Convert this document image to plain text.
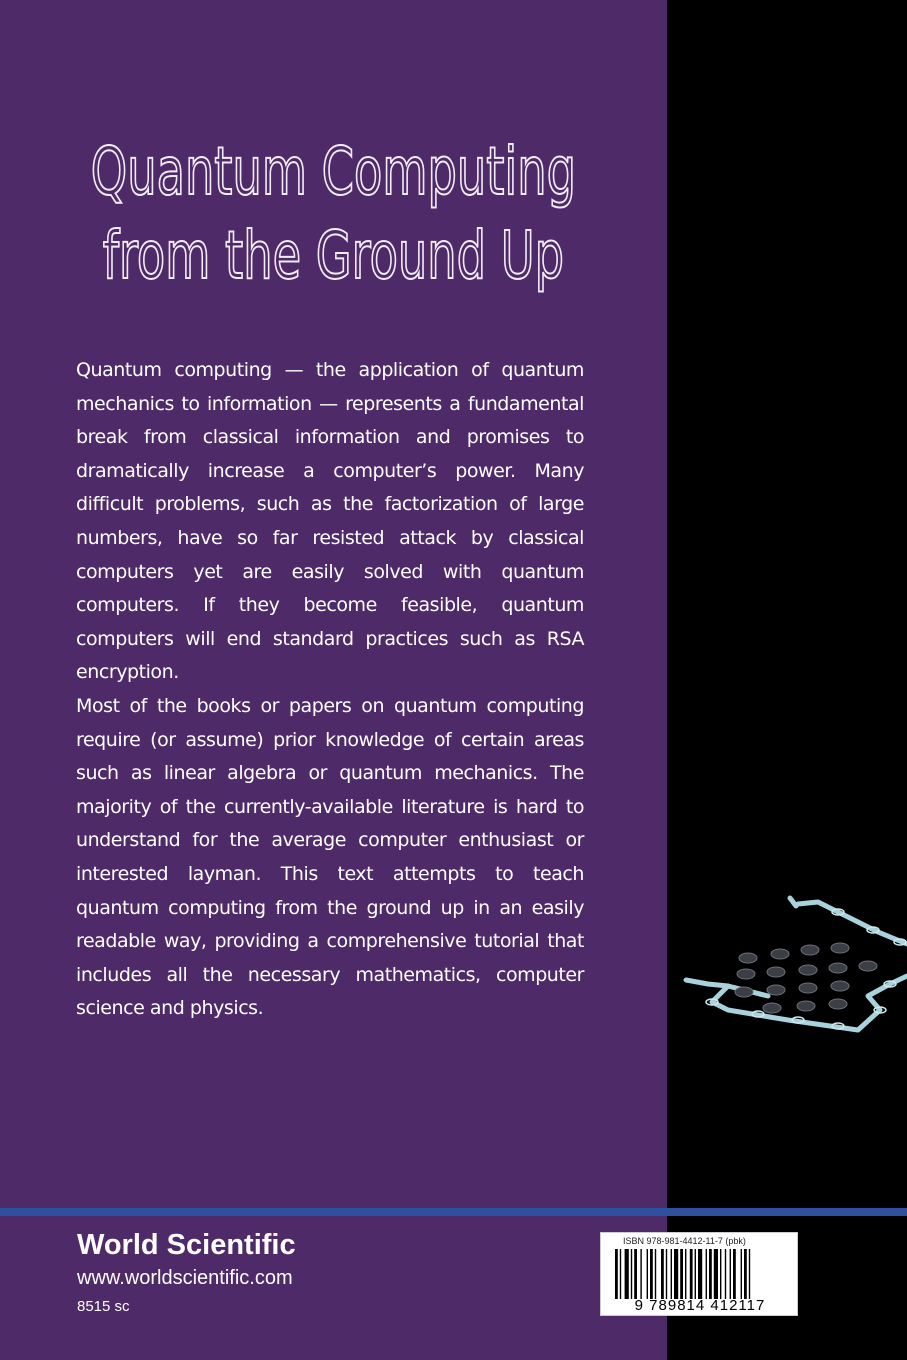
Quantum Computing
from the Ground Up

Quantum computing — the application of quantum mechanics to information — represents a fundamental break from classical information and promises to dramatically increase a computer’s power. Many difficult problems, such as the factorization of large numbers, have so far resisted attack by classical computers yet are easily solved with quantum computers. If they become feasible, quantum computers will end standard practices such as RSA encryption.

Most of the books or papers on quantum computing require (or assume) prior knowledge of certain areas such as linear algebra or quantum mechanics. The majority of the currently-available literature is hard to understand for the average computer enthusiast or interested layman. This text attempts to teach quantum computing from the ground up in an easily readable way, providing a comprehensive tutorial that includes all the necessary mathematics, computer science and physics.

World Scientific

www.worldscientific.com

8515 sc

ISBN 978-981-4412-11-7 (pbk)

9 789814 412117
